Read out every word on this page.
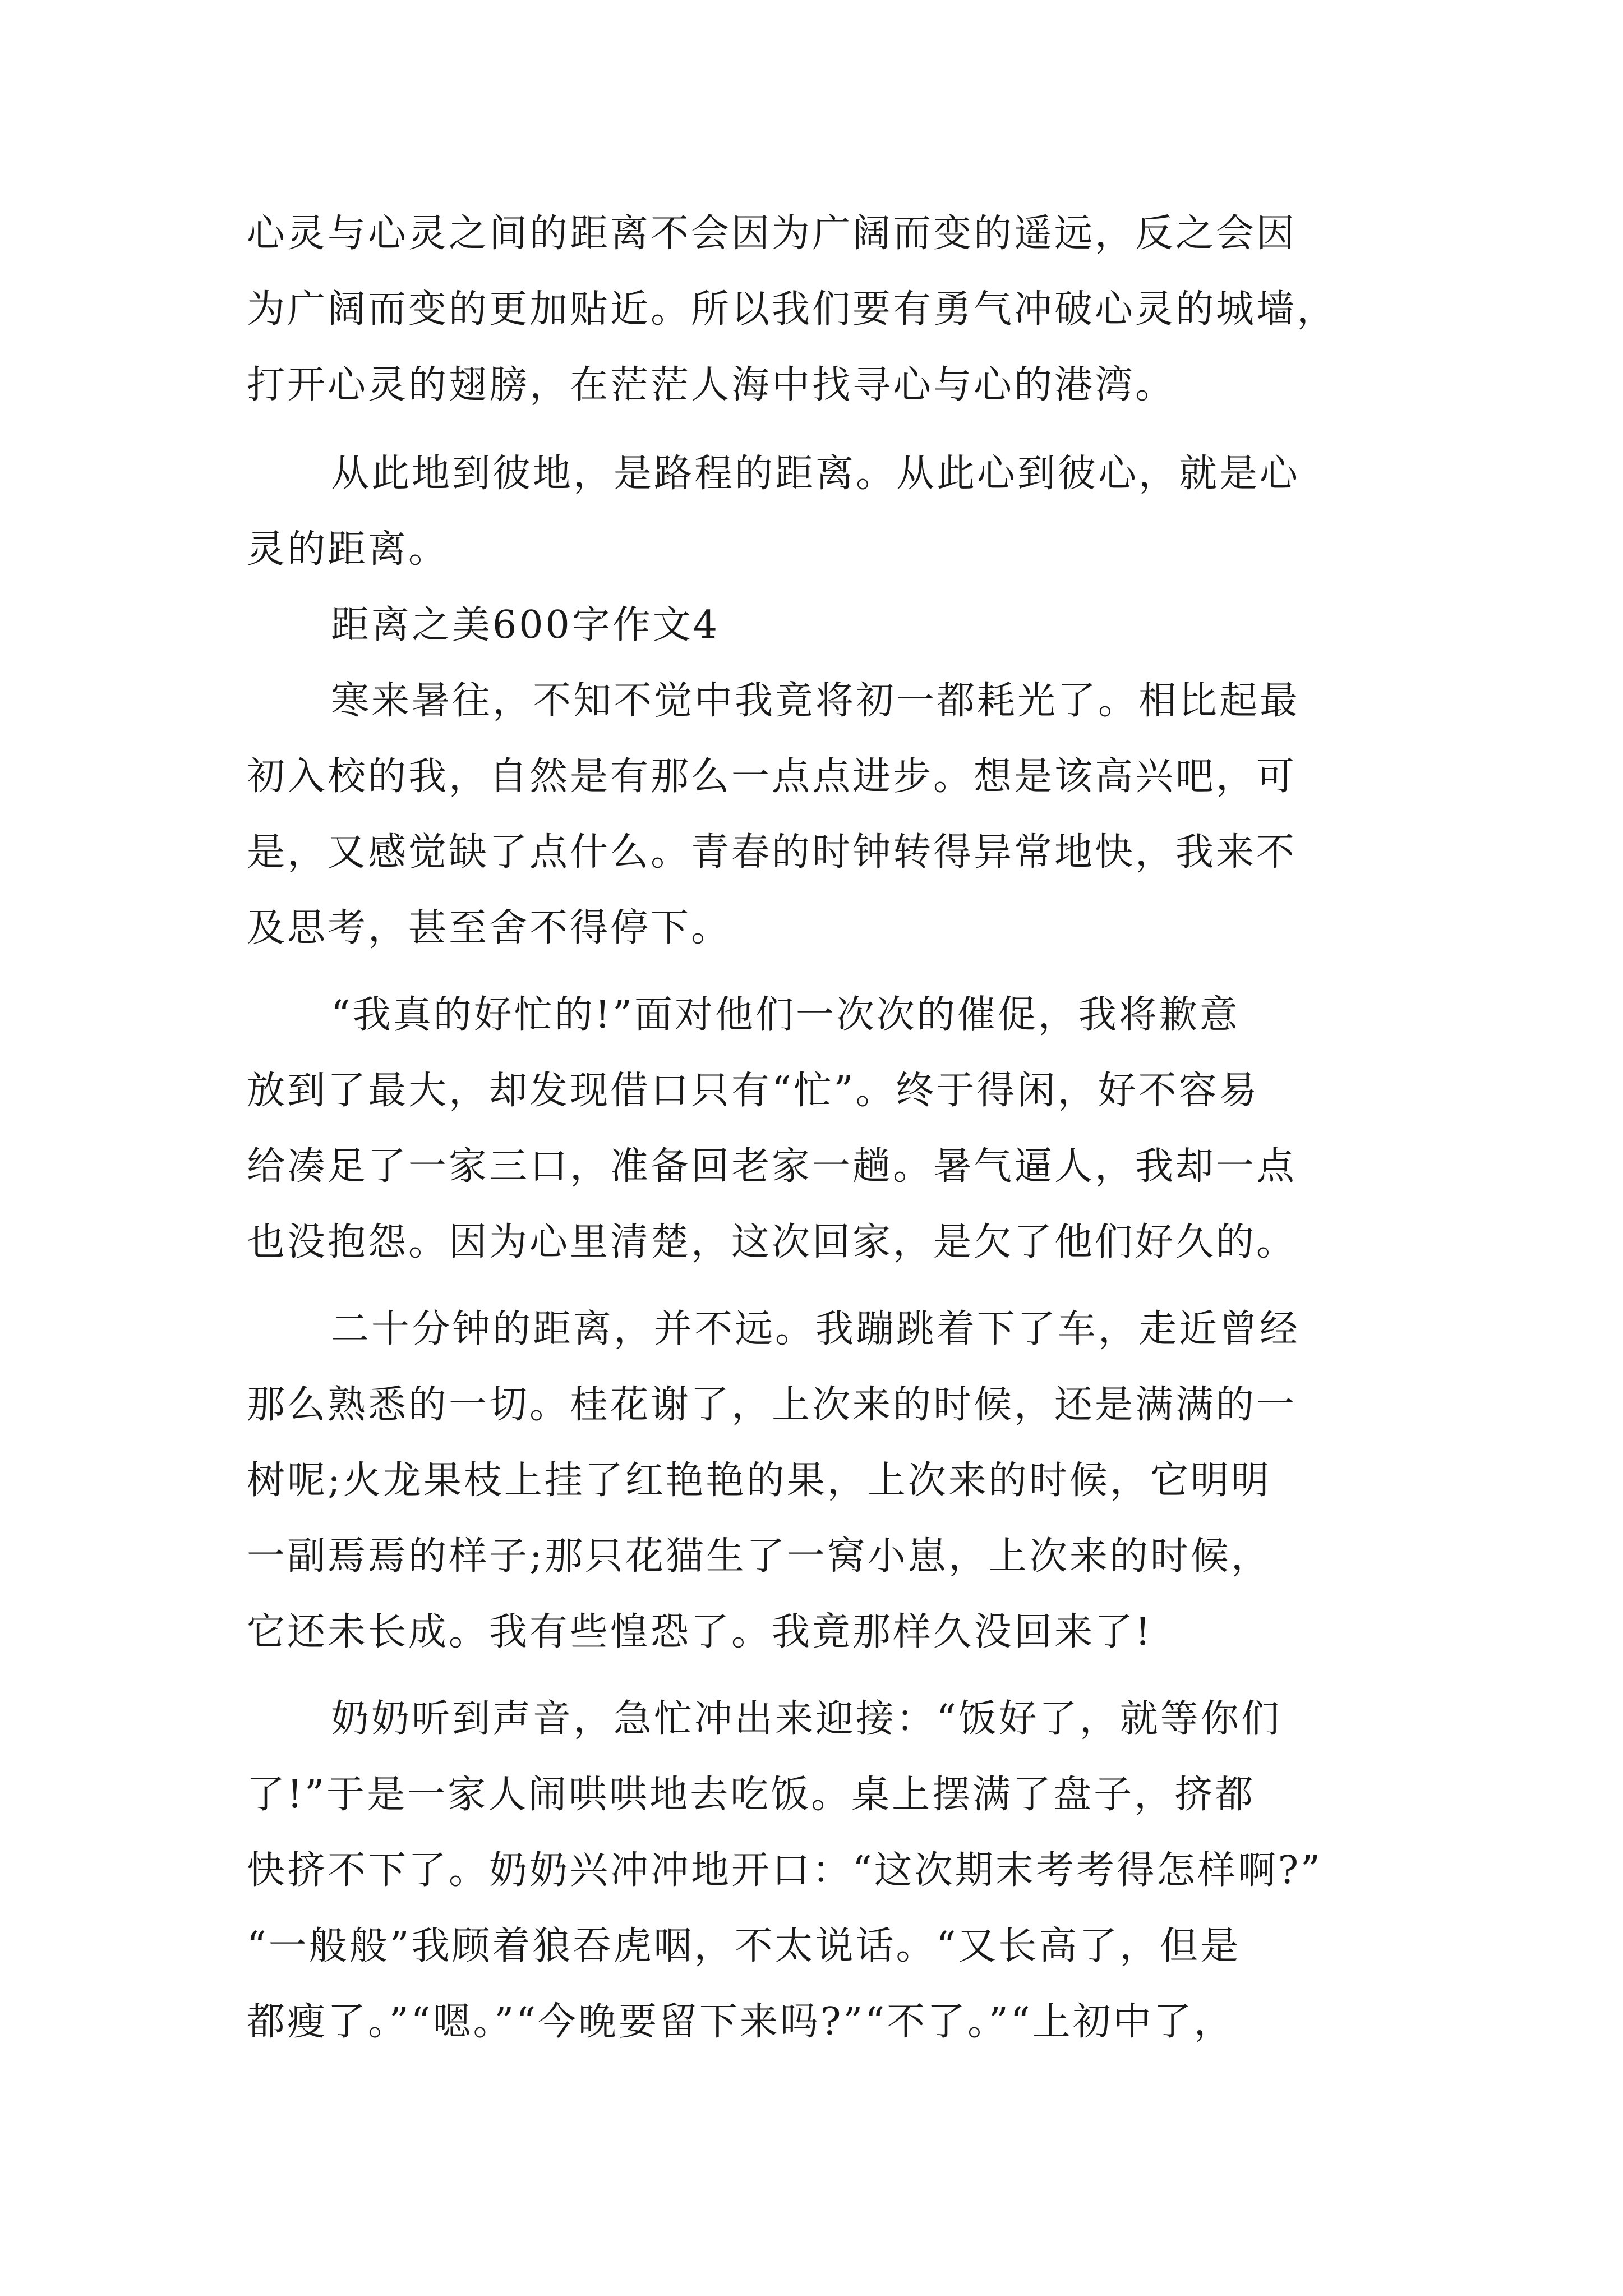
心灵与心灵之间的距离不会因为广阔而变的遥远，反之会因
为广阔而变的更加贴近。所以我们要有勇气冲破心灵的城墙，
打开心灵的翅膀，在茫茫人海中找寻心与心的港湾。
从此地到彼地，是路程的距离。从此心到彼心，就是心
灵的距离。
距离之美600字作文4
寒来暑往，不知不觉中我竟将初一都耗光了。相比起最
初入校的我，自然是有那么一点点进步。想是该高兴吧，可
是，又感觉缺了点什么。青春的时钟转得异常地快，我来不
及思考，甚至舍不得停下。
“我真的好忙的!”面对他们一次次的催促，我将歉意
放到了最大，却发现借口只有“忙”。终于得闲，好不容易
给凑足了一家三口，准备回老家一趟。暑气逼人，我却一点
也没抱怨。因为心里清楚，这次回家，是欠了他们好久的。
二十分钟的距离，并不远。我蹦跳着下了车，走近曾经
那么熟悉的一切。桂花谢了，上次来的时候，还是满满的一
树呢;火龙果枝上挂了红艳艳的果，上次来的时候，它明明
一副焉焉的样子;那只花猫生了一窝小崽，上次来的时候，
它还未长成。我有些惶恐了。我竟那样久没回来了!
奶奶听到声音，急忙冲出来迎接：“饭好了，就等你们
了!”于是一家人闹哄哄地去吃饭。桌上摆满了盘子，挤都
快挤不下了。奶奶兴冲冲地开口：“这次期末考考得怎样啊?”
“一般般”我顾着狼吞虎咽，不太说话。“又长高了，但是
都瘦了。”“嗯。”“今晚要留下来吗?”“不了。”“上初中了，
